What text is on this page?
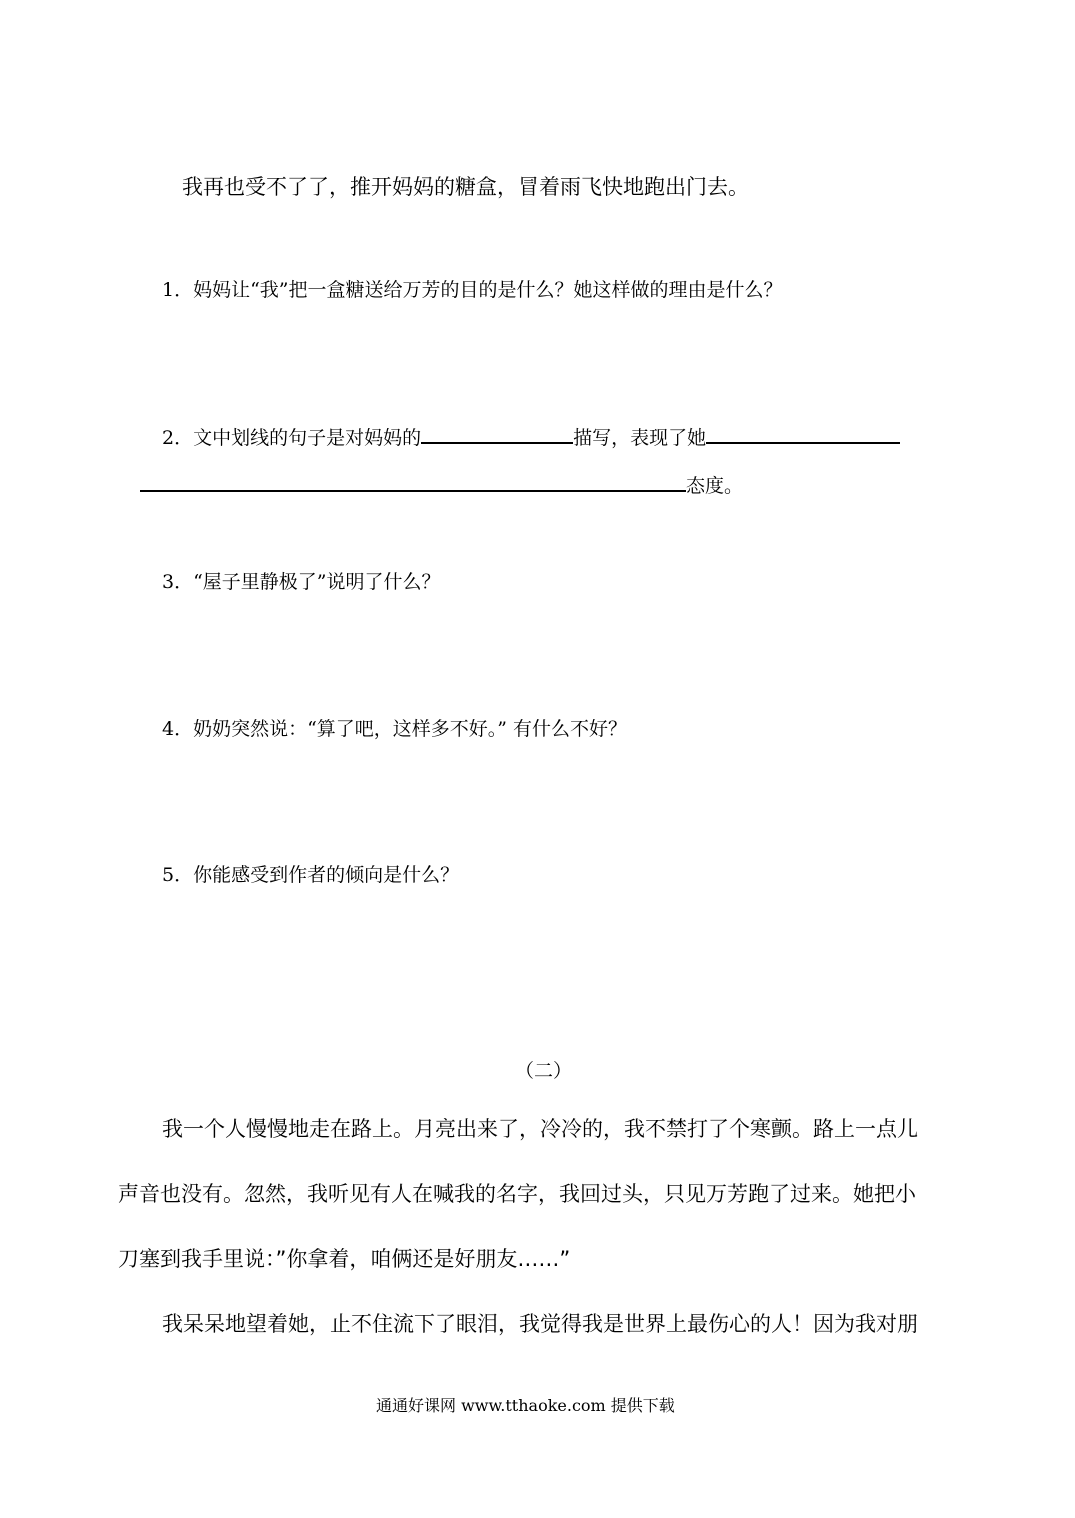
我再也受不了了，推开妈妈的糖盒，冒着雨飞快地跑出门去。
1．妈妈让“我”把一盒糖送给万芳的目的是什么？她这样做的理由是什么？
2．文中划线的句子是对妈妈的	描写，表现了她
态度。
3．“屋子里静极了”说明了什么？
4．奶奶突然说：“算了吧，这样多不好。” 有什么不好？
5．你能感受到作者的倾向是什么？
（二）
我一个人慢慢地走在路上。月亮出来了，冷冷的，我不禁打了个寒颤。路上一点儿
声音也没有。忽然，我听见有人在喊我的名字，我回过头，只见万芳跑了过来。她把小
刀塞到我手里说：”你拿着，咱俩还是好朋友……”
我呆呆地望着她，止不住流下了眼泪，我觉得我是世界上最伤心的人！因为我对朋
通通好课网 www.tthaoke.com 提供下载
